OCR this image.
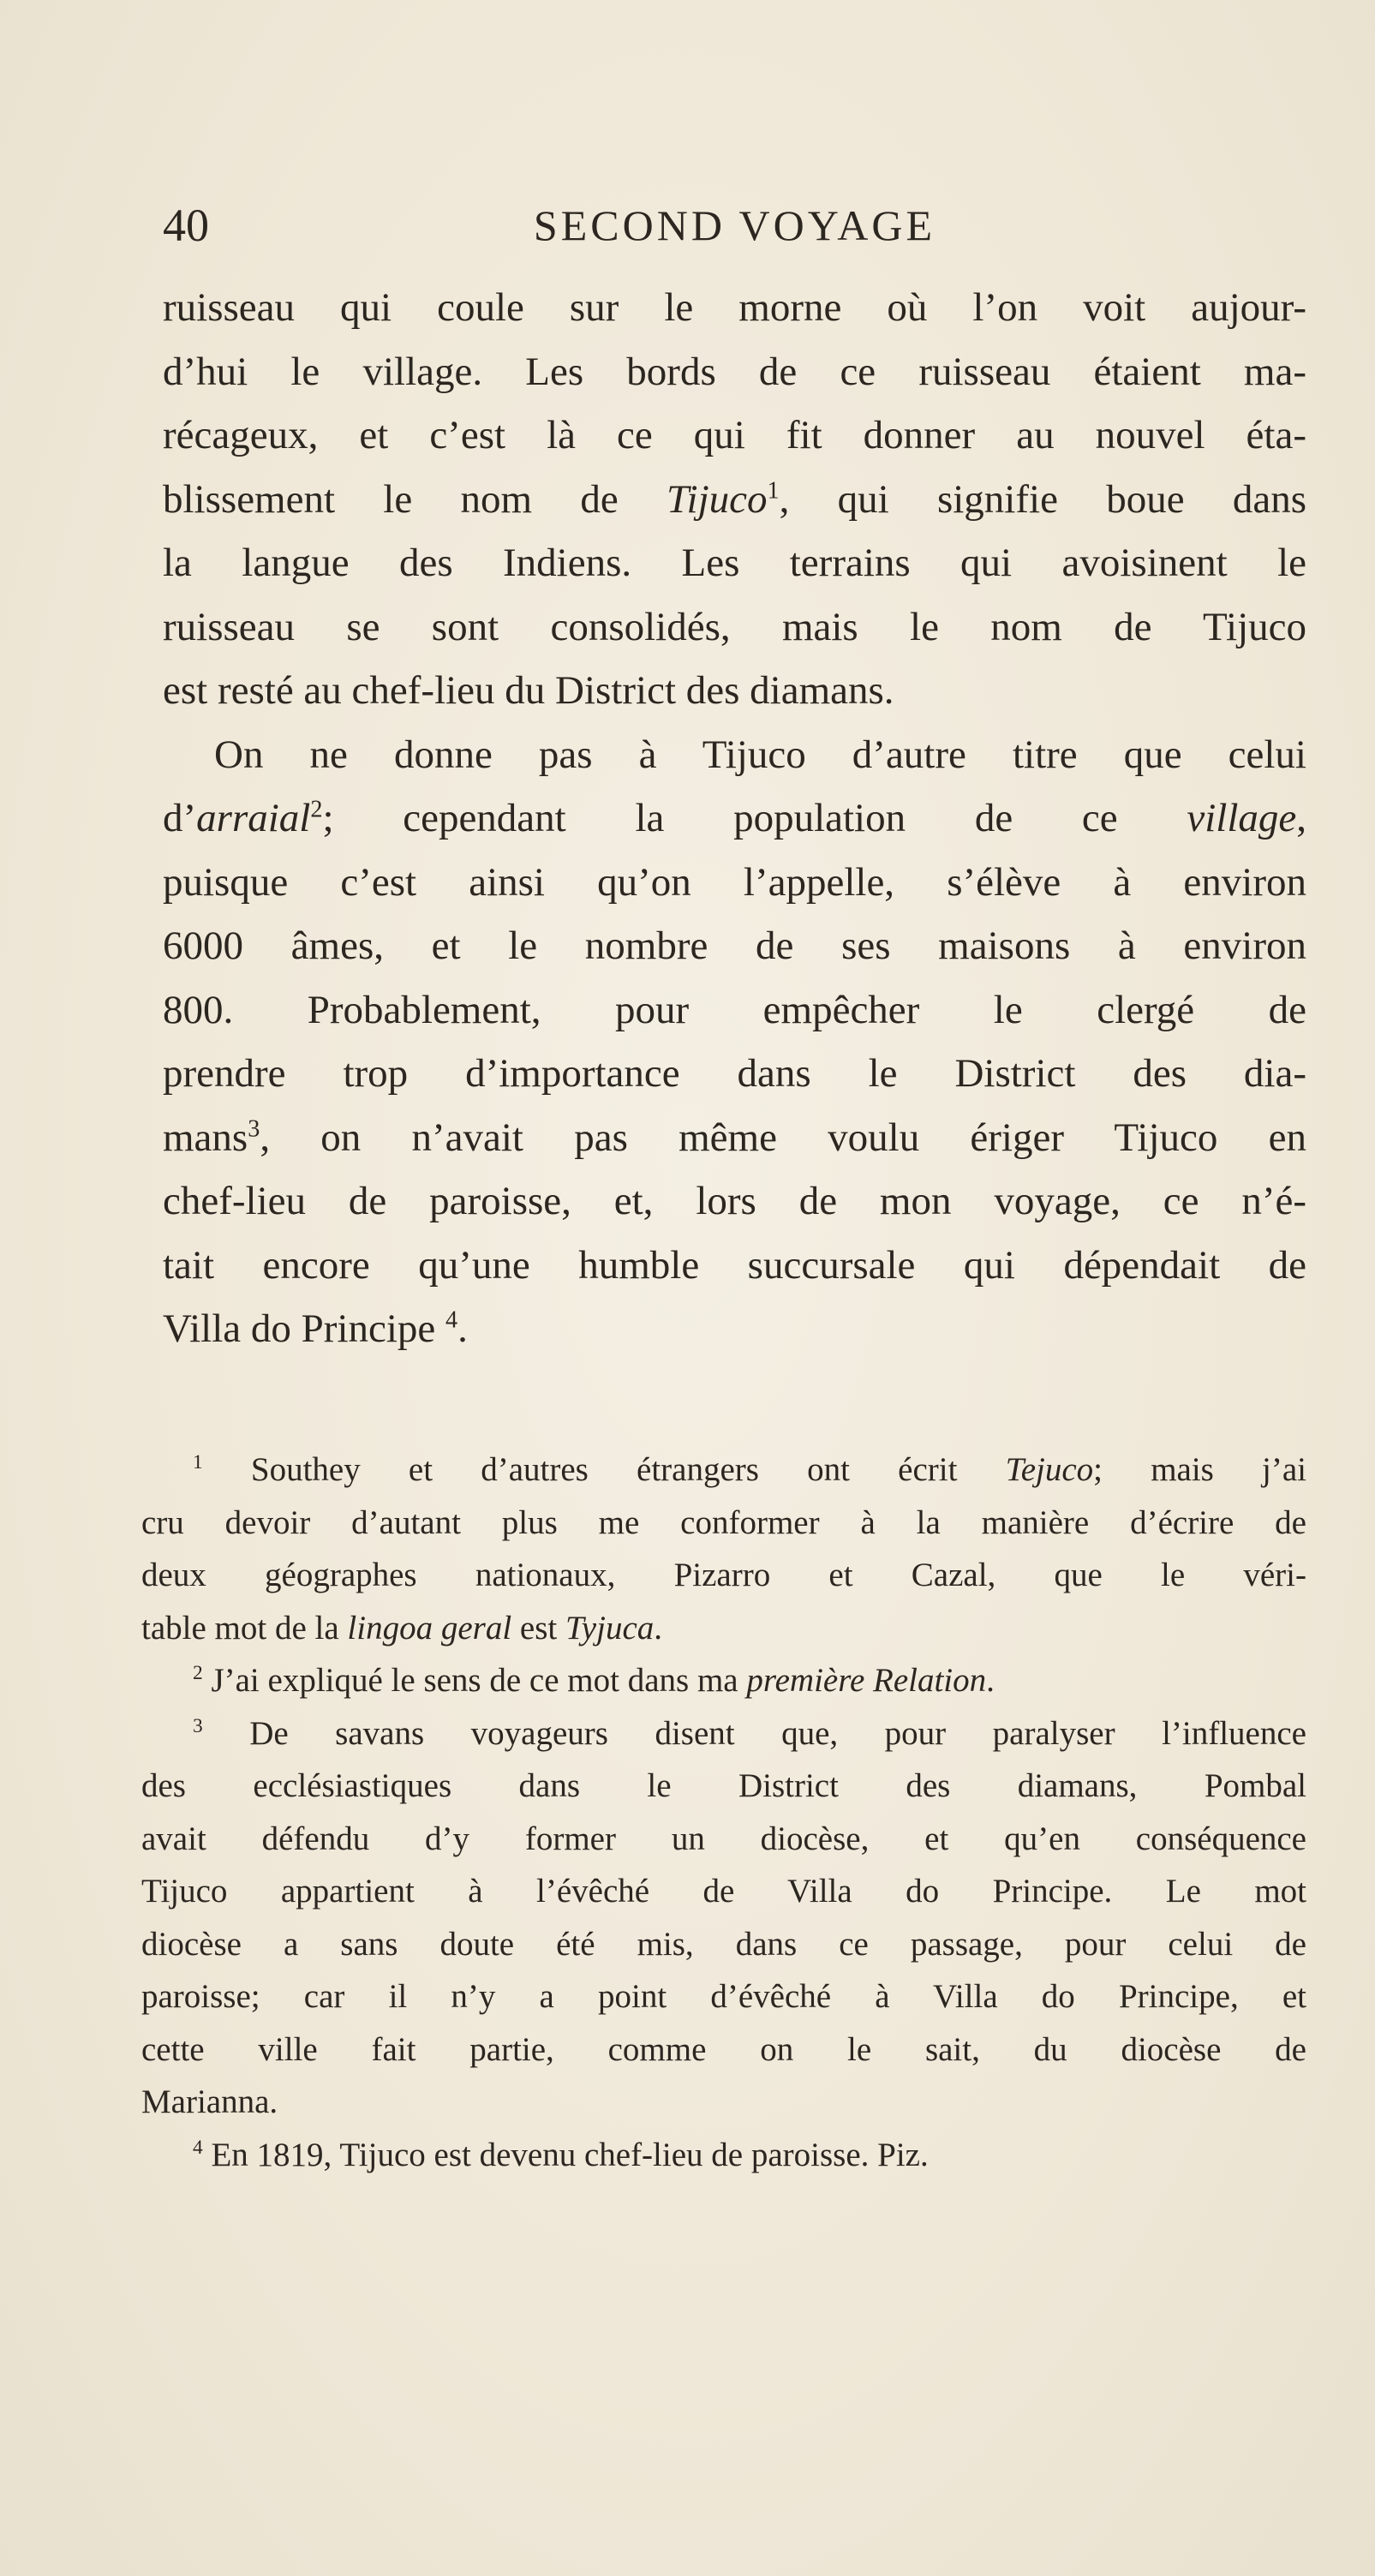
40	SECOND VOYAGE
ruisseau qui coule sur le morne où l’on voit aujour-
d’hui le village. Les bords de ce ruisseau étaient ma-
récageux, et c’est là ce qui fit donner au nouvel éta-
blissement le nom de Tijuco$^1$, qui signifie boue dans
la langue des Indiens. Les terrains qui avoisinent le
ruisseau se sont consolidés, mais le nom de Tijuco
est resté au chef-lieu du District des diamans.
On ne donne pas à Tijuco d’autre titre que celui
d’arraial$^2$; cependant la population de ce village,
puisque c’est ainsi qu’on l’appelle, s’élève à environ
6000 âmes, et le nombre de ses maisons à environ
800. Probablement, pour empêcher le clergé de
prendre trop d’importance dans le District des dia-
mans$^3$, on n’avait pas même voulu ériger Tijuco en
chef-lieu de paroisse, et, lors de mon voyage, ce n’é-
tait encore qu’une humble succursale qui dépendait de
Villa do Principe $^4$.
$^1$ Southey et d’autres étrangers ont écrit Tejuco; mais j’ai
cru devoir d’autant plus me conformer à la manière d’écrire de
deux géographes nationaux, Pizarro et Cazal, que le véri-
table mot de la lingoa geral est Tyjuca.
$^2$ J’ai expliqué le sens de ce mot dans ma première Relation.
$^3$ De savans voyageurs disent que, pour paralyser l’influence
des ecclésiastiques dans le District des diamans, Pombal
avait défendu d’y former un diocèse, et qu’en conséquence
Tijuco appartient à l’évêché de Villa do Principe. Le mot
diocèse a sans doute été mis, dans ce passage, pour celui de
paroisse; car il n’y a point d’évêché à Villa do Principe, et
cette ville fait partie, comme on le sait, du diocèse de
Marianna.
$^4$ En 1819, Tijuco est devenu chef-lieu de paroisse. Piz.
